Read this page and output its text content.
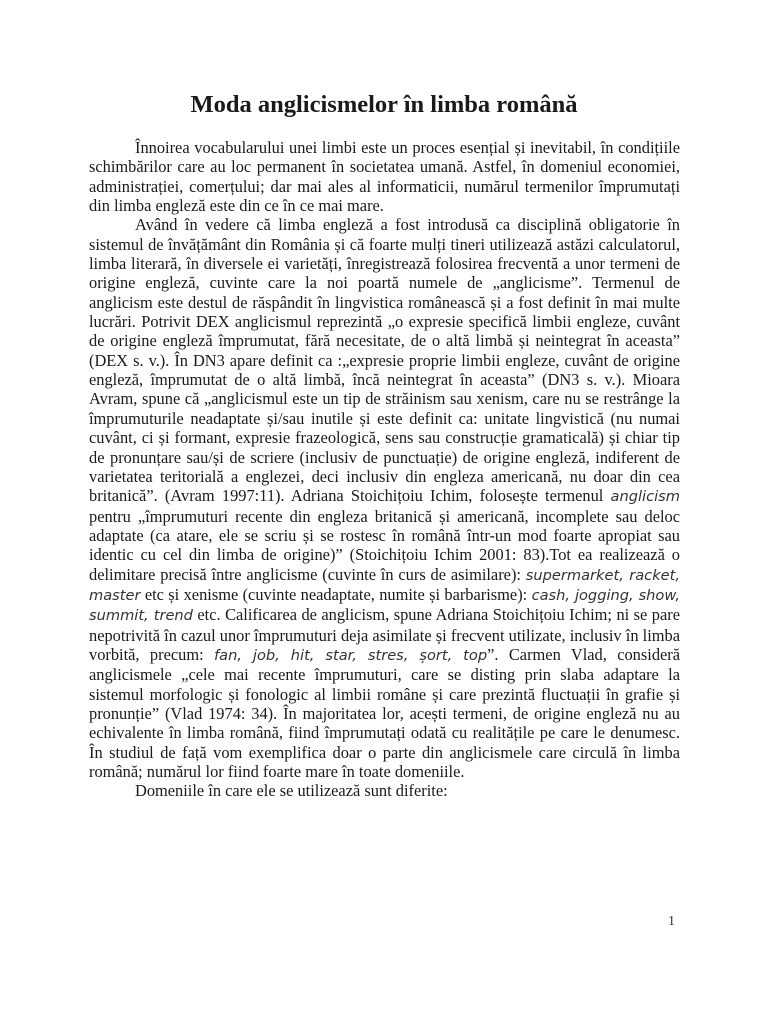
Moda anglicismelor în limba română

Înnoirea vocabularului unei limbi este un proces esențial și inevitabil, în condițiile schimbărilor care au loc permanent în societatea umană. Astfel, în domeniul economiei, administrației, comerțului; dar mai ales al informaticii, numărul termenilor împrumutați din limba engleză este din ce în ce mai mare.

Având în vedere că limba engleză a fost introdusă ca disciplină obligatorie în sistemul de învățământ din România și că foarte mulți tineri utilizează astăzi calculatorul, limba literară, în diversele ei varietăți, înregistrează folosirea frecventă a unor termeni de origine engleză, cuvinte care la noi poartă numele de „anglicisme”. Termenul de anglicism este destul de răspândit în lingvistica românească și a fost definit în mai multe lucrări. Potrivit DEX anglicismul reprezintă „o expresie specifică limbii engleze, cuvânt de origine engleză împrumutat, fără necesitate, de o altă limbă și neintegrat în aceasta” (DEX s. v.). În DN3 apare definit ca :„expresie proprie limbii engleze, cuvânt de origine engleză, împrumutat de o altă limbă, încă neintegrat în aceasta” (DN3 s. v.). Mioara Avram, spune că „anglicismul este un tip de străinism sau xenism, care nu se restrânge la împrumuturile neadaptate și/sau inutile și este definit ca: unitate lingvistică (nu numai cuvânt, ci și formant, expresie frazeologică, sens sau construcție gramaticală) și chiar tip de pronunțare sau/și de scriere (inclusiv de punctuație) de origine engleză, indiferent de varietatea teritorială a englezei, deci inclusiv din engleza americană, nu doar din cea britanică”. (Avram 1997:11). Adriana Stoichițoiu Ichim, folosește termenul anglicism pentru „împrumuturi recente din engleza britanică și americană, incomplete sau deloc adaptate (ca atare, ele se scriu și se rostesc în română într-un mod foarte apropiat sau identic cu cel din limba de origine)” (Stoichițoiu Ichim 2001: 83).Tot ea realizează o delimitare precisă între anglicisme (cuvinte în curs de asimilare): supermarket, racket, master etc și xenisme (cuvinte neadaptate, numite și barbarisme): cash, jogging, show, summit, trend etc. Calificarea de anglicism, spune Adriana Stoichițoiu Ichim; ni se pare nepotrivită în cazul unor împrumuturi deja asimilate și frecvent utilizate, inclusiv în limba vorbită, precum: fan, job, hit, star, stres, șort, top”. Carmen Vlad, consideră anglicismele „cele mai recente împrumuturi, care se disting prin slaba adaptare la sistemul morfologic și fonologic al limbii române și care prezintă fluctuații în grafie și pronunție” (Vlad 1974: 34). În majoritatea lor, acești termeni, de origine engleză nu au echivalente în limba română, fiind împrumutați odată cu realitățile pe care le denumesc. În studiul de față vom exemplifica doar o parte din anglicismele care circulă în limba română; numărul lor fiind foarte mare în toate domeniile.

Domeniile în care ele se utilizează sunt diferite:

1
